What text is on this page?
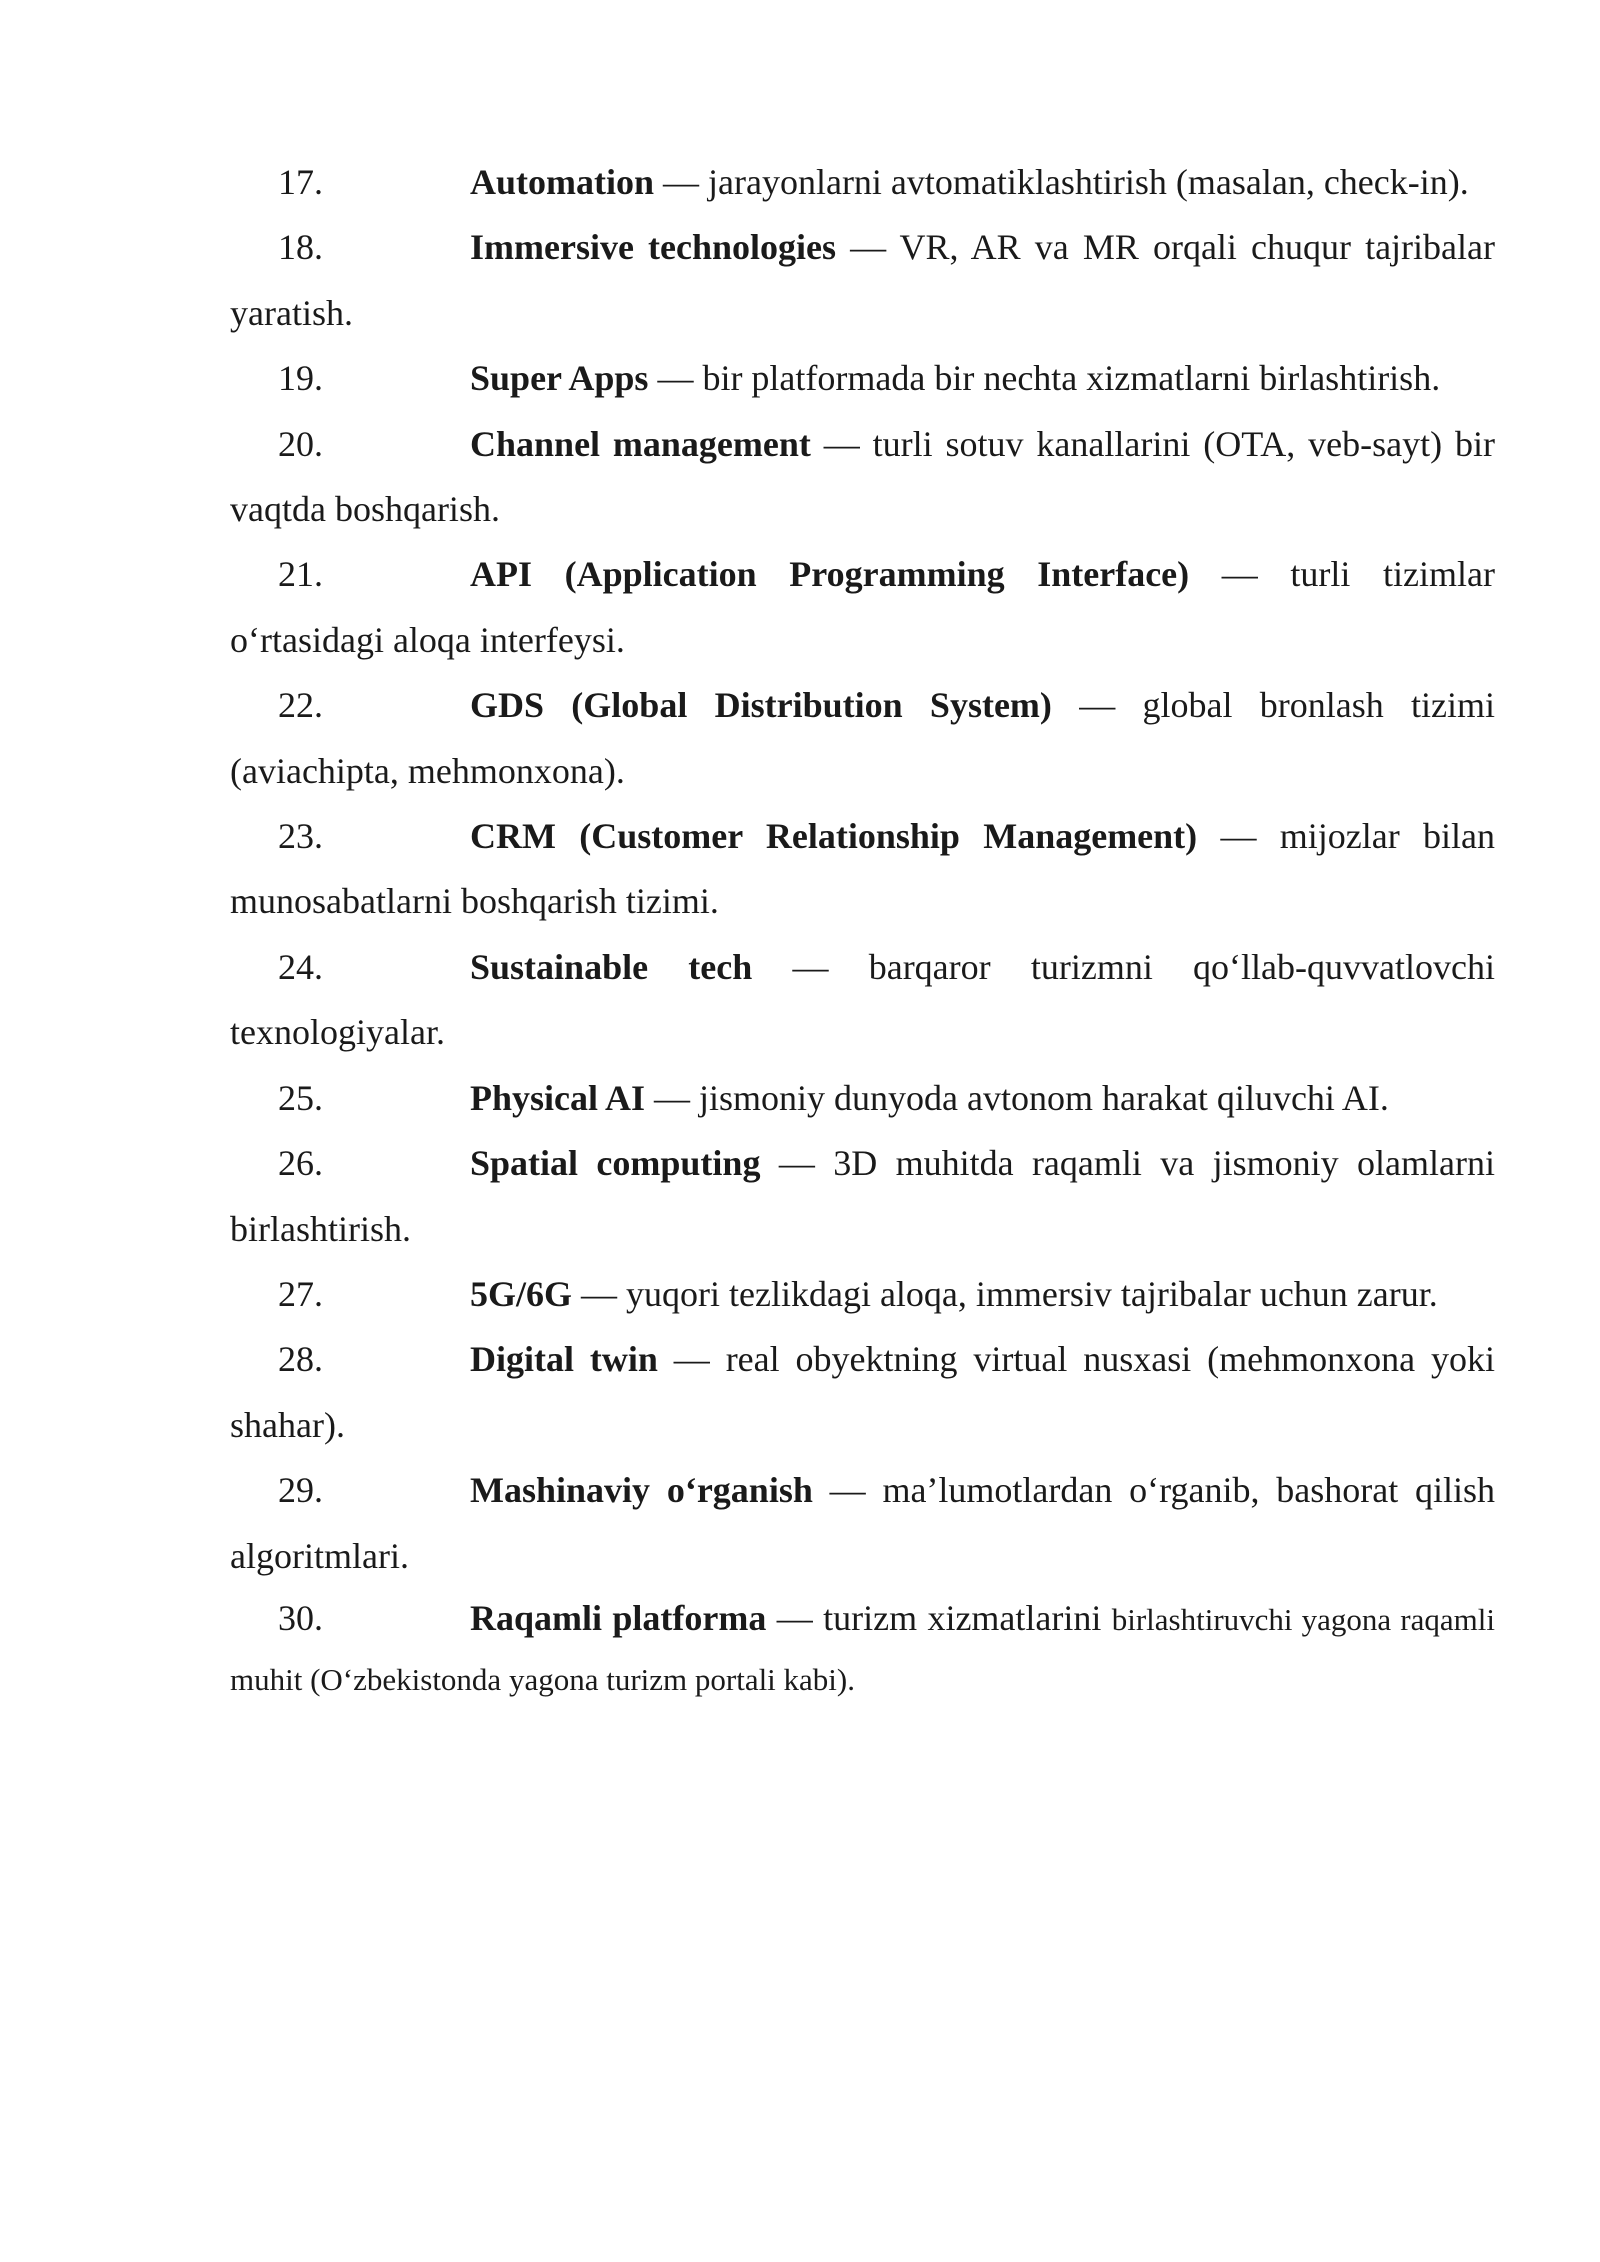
17.	Automation — jarayonlarni avtomatiklashtirish (masalan, check-in).

18.	Immersive technologies — VR, AR va MR orqali chuqur tajribalar yaratish.

19.	Super Apps — bir platformada bir nechta xizmatlarni birlashtirish.

20.	Channel management — turli sotuv kanallarini (OTA, veb-sayt) bir vaqtda boshqarish.

21.	API (Application Programming Interface) — turli tizimlar o‘rtasidagi aloqa interfeysi.

22.	GDS (Global Distribution System) — global bronlash tizimi (aviachipta, mehmonxona).

23.	CRM (Customer Relationship Management) — mijozlar bilan munosabatlarni boshqarish tizimi.

24.	Sustainable tech — barqaror turizmni qo‘llab-quvvatlovchi texnologiyalar.

25.	Physical AI — jismoniy dunyoda avtonom harakat qiluvchi AI.

26.	Spatial computing — 3D muhitda raqamli va jismoniy olamlarni birlashtirish.

27.	5G/6G — yuqori tezlikdagi aloqa, immersiv tajribalar uchun zarur.

28.	Digital twin — real obyektning virtual nusxasi (mehmonxona yoki shahar).

29.	Mashinaviy o‘rganish — ma’lumotlardan o‘rganib, bashorat qilish algoritmlari.

30.	Raqamli platforma — turizm xizmatlarini birlashtiruvchi yagona raqamli muhit (O‘zbekistonda yagona turizm portali kabi).
